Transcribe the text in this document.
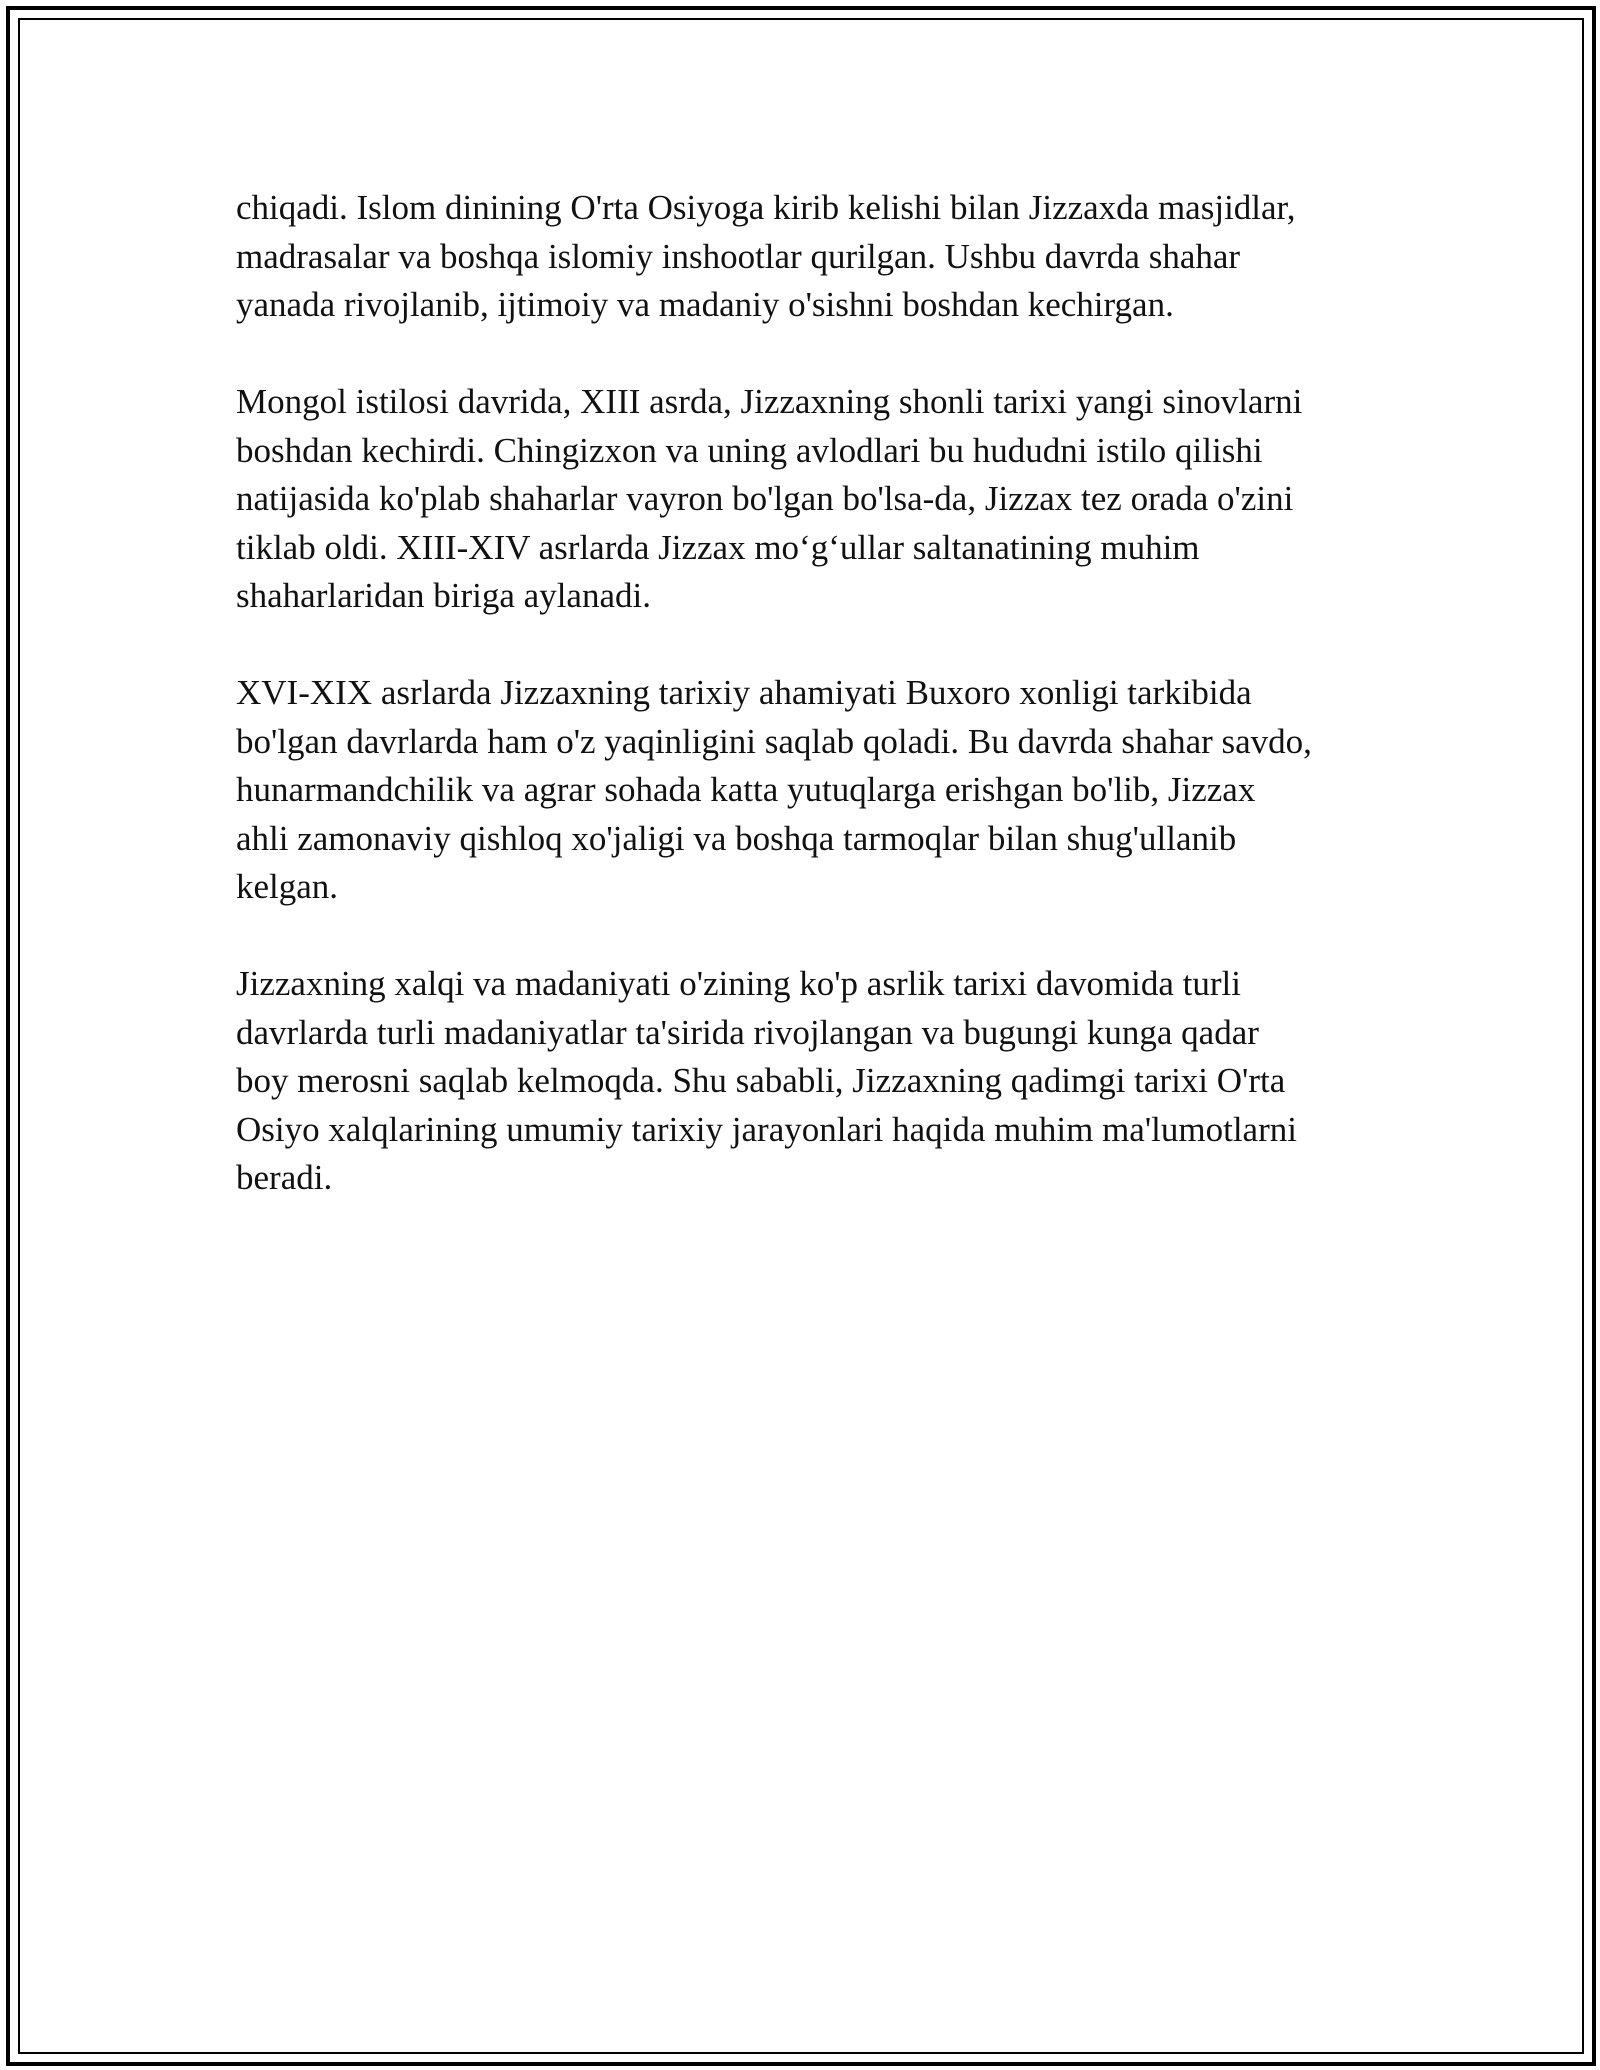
chiqadi. Islom dinining O'rta Osiyoga kirib kelishi bilan Jizzaxda masjidlar,
madrasalar va boshqa islomiy inshootlar qurilgan. Ushbu davrda shahar
yanada rivojlanib, ijtimoiy va madaniy o'sishni boshdan kechirgan.

Mongol istilosi davrida, XIII asrda, Jizzaxning shonli tarixi yangi sinovlarni
boshdan kechirdi. Chingizxon va uning avlodlari bu hududni istilo qilishi
natijasida ko'plab shaharlar vayron bo'lgan bo'lsa-da, Jizzax tez orada o'zini
tiklab oldi. XIII-XIV asrlarda Jizzax mo‘g‘ullar saltanatining muhim
shaharlaridan biriga aylanadi.

XVI-XIX asrlarda Jizzaxning tarixiy ahamiyati Buxoro xonligi tarkibida
bo'lgan davrlarda ham o'z yaqinligini saqlab qoladi. Bu davrda shahar savdo,
hunarmandchilik va agrar sohada katta yutuqlarga erishgan bo'lib, Jizzax
ahli zamonaviy qishloq xo'jaligi va boshqa tarmoqlar bilan shug'ullanib
kelgan.

Jizzaxning xalqi va madaniyati o'zining ko'p asrlik tarixi davomida turli
davrlarda turli madaniyatlar ta'sirida rivojlangan va bugungi kunga qadar
boy merosni saqlab kelmoqda. Shu sababli, Jizzaxning qadimgi tarixi O'rta
Osiyo xalqlarining umumiy tarixiy jarayonlari haqida muhim ma'lumotlarni
beradi.
